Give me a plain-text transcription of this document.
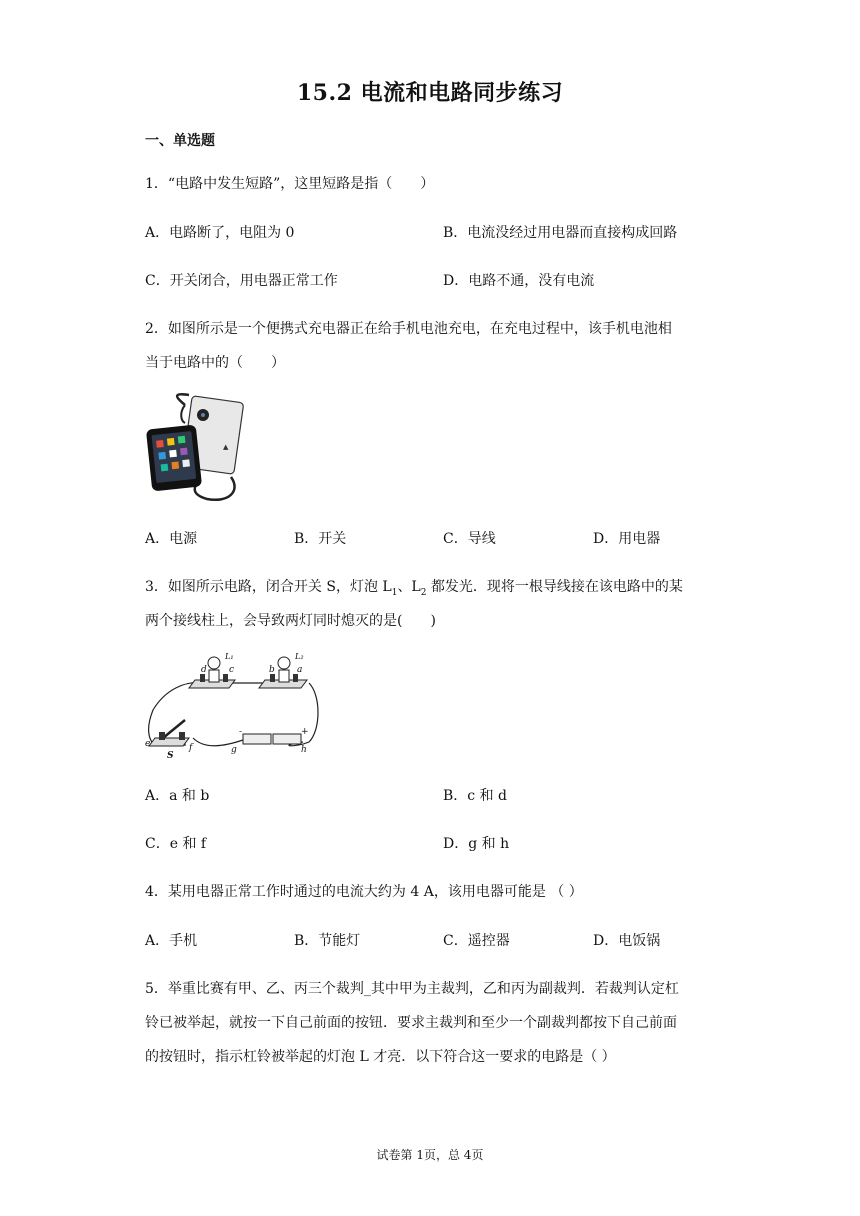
15.2 电流和电路同步练习
一、单选题
1．“电路中发生短路”，这里短路是指（　　）
A．电路断了，电阻为 0	B．电流没经过用电器而直接构成回路
C．开关闭合，用电器正常工作	D．电路不通，没有电流
2．如图所示是一个便携式充电器正在给手机电池充电，在充电过程中，该手机电池相
当于电路中的（　　）
▲
A．电源	B．开关	C．导线	D．用电器
3．如图所示电路，闭合开关 S，灯泡 $L_1$、$L_2$ 都发光．现将一根导线接在该电路中的某
两个接线柱上，会导致两灯同时熄灭的是(　　)
d c	b a
L₁	L₂
e	f
S
g	h
-	+
A．a 和 b	B．c 和 d
C．e 和 f	D．g 和 h
4．某用电器正常工作时通过的电流大约为 4 A，该用电器可能是 （ ）
A．手机	B．节能灯	C．遥控器	D．电饭锅
5．举重比赛有甲、乙、丙三个裁判_其中甲为主裁判，乙和丙为副裁判．若裁判认定杠
铃已被举起，就按一下自己前面的按钮．要求主裁判和至少一个副裁判都按下自己前面
的按钮时，指示杠铃被举起的灯泡 L 才亮．以下符合这一要求的电路是（ ）
试卷第 1页，总 4页
